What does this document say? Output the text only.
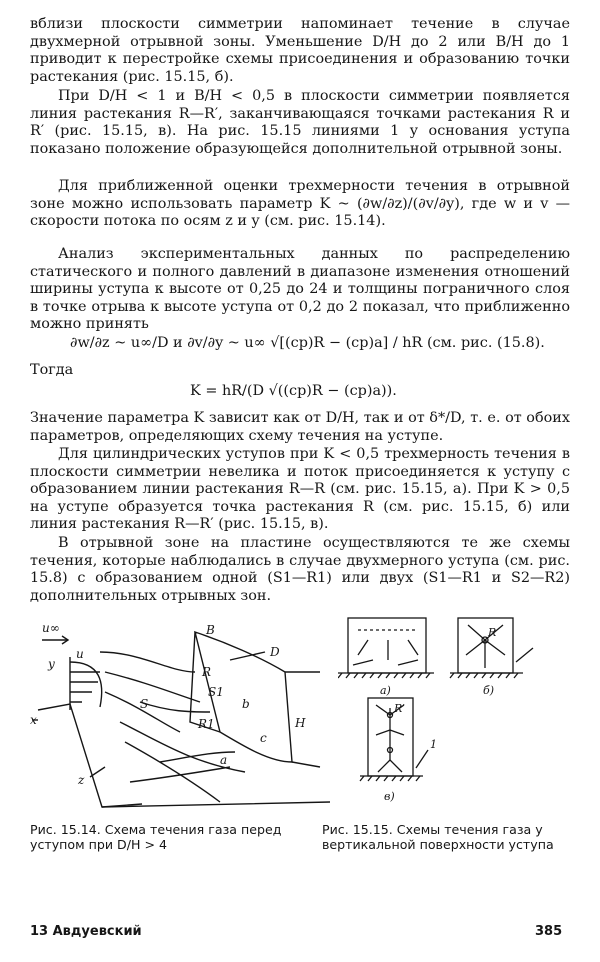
вблизи плоскости симметрии напоминает течение в случае двухмерной отрывной зоны. Уменьшение D/H до 2 или B/H до 1 приводит к перестройке схемы присоединения и образованию точки растекания (рис. 15.15, б).

При D/H < 1 и B/H < 0,5 в плоскости симметрии появляется линия растекания R—R′, заканчивающаяся точками растекания R и R′ (рис. 15.15, в). На рис. 15.15 линиями 1 у основания уступа показано положение образующейся дополнительной отрывной зоны.

Для приближенной оценки трехмерности течения в отрывной зоне можно использовать параметр K ~ (∂w/∂z)/(∂v/∂y), где w и v — скорости потока по осям z и y (см. рис. 15.14).

Анализ экспериментальных данных по распределению статического и полного давлений в диапазоне изменения отношений ширины уступа к высоте от 0,25 до 24 и толщины пограничного слоя в точке отрыва к высоте уступа от 0,2 до 2 показал, что приближенно можно принять

∂w/∂z ~ u∞/D и ∂v/∂y ~ u∞ √[(cp)R − (cp)a] / hR (см. рис. (15.8).
Тогда
K = hR/(D √((cp)R − (cp)a)).

Значение параметра K зависит как от D/H, так и от δ*/D, т. е. от обоих параметров, определяющих схему течения на уступе.

Для цилиндрических уступов при K < 0,5 трехмерность течения в плоскости симметрии невелика и поток присоединяется к уступу с образованием линии растекания R—R (см. рис. 15.15, а). При K > 0,5 на уступе образуется точка растекания R (см. рис. 15.15, б) или линия растекания R—R′ (рис. 15.15, в).

В отрывной зоне на пластине осуществляются те же схемы течения, которые наблюдались в случае двухмерного уступа (см. рис. 15.8) с образованием одной (S1—R1) или двух (S1—R1 и S2—R2) дополнительных отрывных зон.

u∞
y
u
x
z
D
B
H
R
S
S1
R1
a
b
c
а)	б)
в)
R
R′
1
Рис. 15.14. Схема течения газа перед уступом при D/H > 4
Рис. 15.15. Схемы течения газа у вертикальной поверхности уступа
13 Авдуевский	385
